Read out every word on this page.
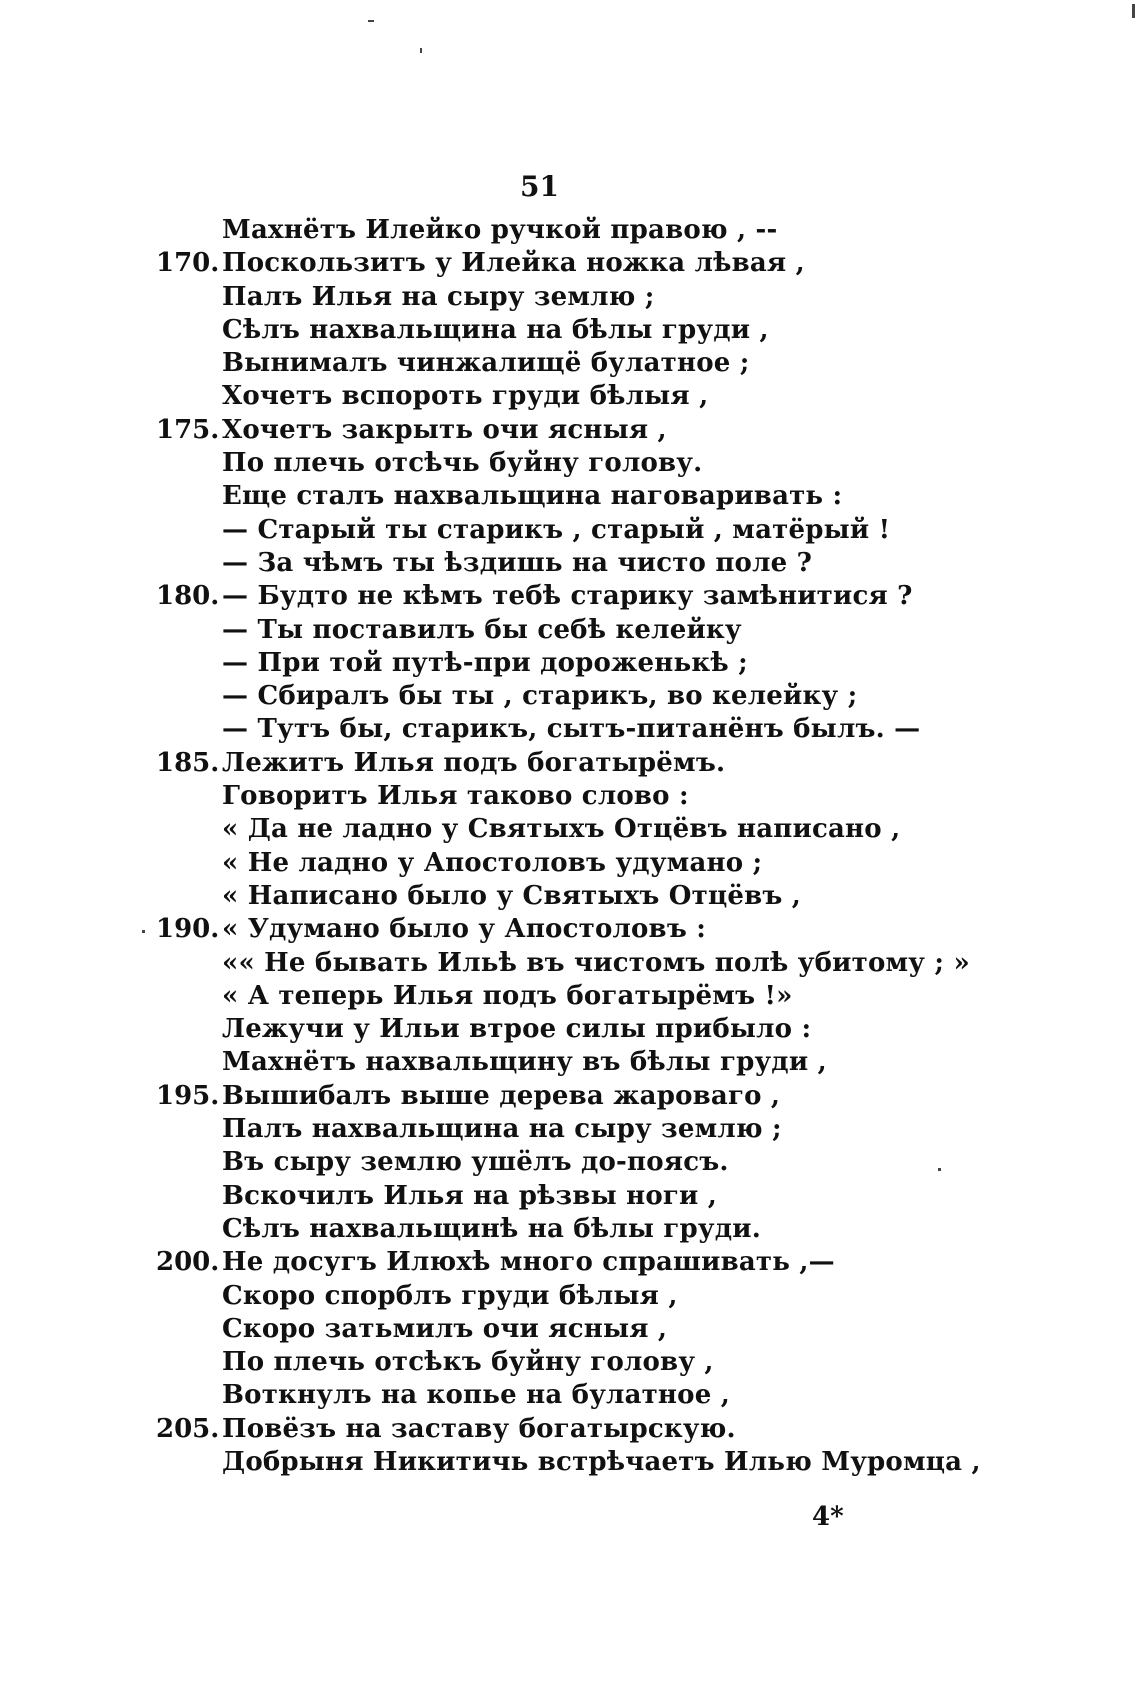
51
Махнётъ Илейко ручкой правою , --
170. Поскользитъ у Илейка ножка лѣвая ,
Палъ Илья на сыру землю ;
Сѣлъ нахвальщина на бѣлы груди ,
Вынималъ чинжалищё булатное ;
Хочетъ вспороть груди бѣлыя ,
175. Хочетъ закрыть очи ясныя ,
По плечь отсѣчь буйну голову.
Еще сталъ нахвальщина наговаривать :
— Старый ты старикъ , старый , матёрый !
— За чѣмъ ты ѣздишь на чисто поле ?
180. — Будто не кѣмъ тебѣ старику замѣнитися ?
— Ты поставилъ бы себѣ келейку
— При той путѣ-при дороженькѣ ;
— Сбиралъ бы ты , старикъ, во келейку ;
— Тутъ бы, старикъ, сытъ-питанёнъ былъ. —
185. Лежитъ Илья подъ богатырёмъ.
Говоритъ Илья таково слово :
« Да не ладно у Святыхъ Отцёвъ написано ,
« Не ладно у Апостоловъ удумано ;
« Написано было у Святыхъ Отцёвъ ,
190. « Удумано было у Апостоловъ :
«« Не бывать Ильѣ въ чистомъ полѣ убитому ; »
« А теперь Илья подъ богатырёмъ !»
Лежучи у Ильи втрое силы прибыло :
Махнётъ нахвальщину въ бѣлы груди ,
195. Вышибалъ выше дерева жароваго ,
Палъ нахвальщина на сыру землю ;
Въ сыру землю ушёлъ до-поясъ.
Вскочилъ Илья на рѣзвы ноги ,
Сѣлъ нахвальщинѣ на бѣлы груди.
200. Не досугъ Илюхѣ много спрашивать ,—
Скоро спорблъ груди бѣлыя ,
Скоро затьмилъ очи ясныя ,
По плечь отсѣкъ буйну голову ,
Воткнулъ на копье на булатное ,
205. Повёзъ на заставу богатырскую.
Добрыня Никитичь встрѣчаетъ Илью Муромца ,
4*
